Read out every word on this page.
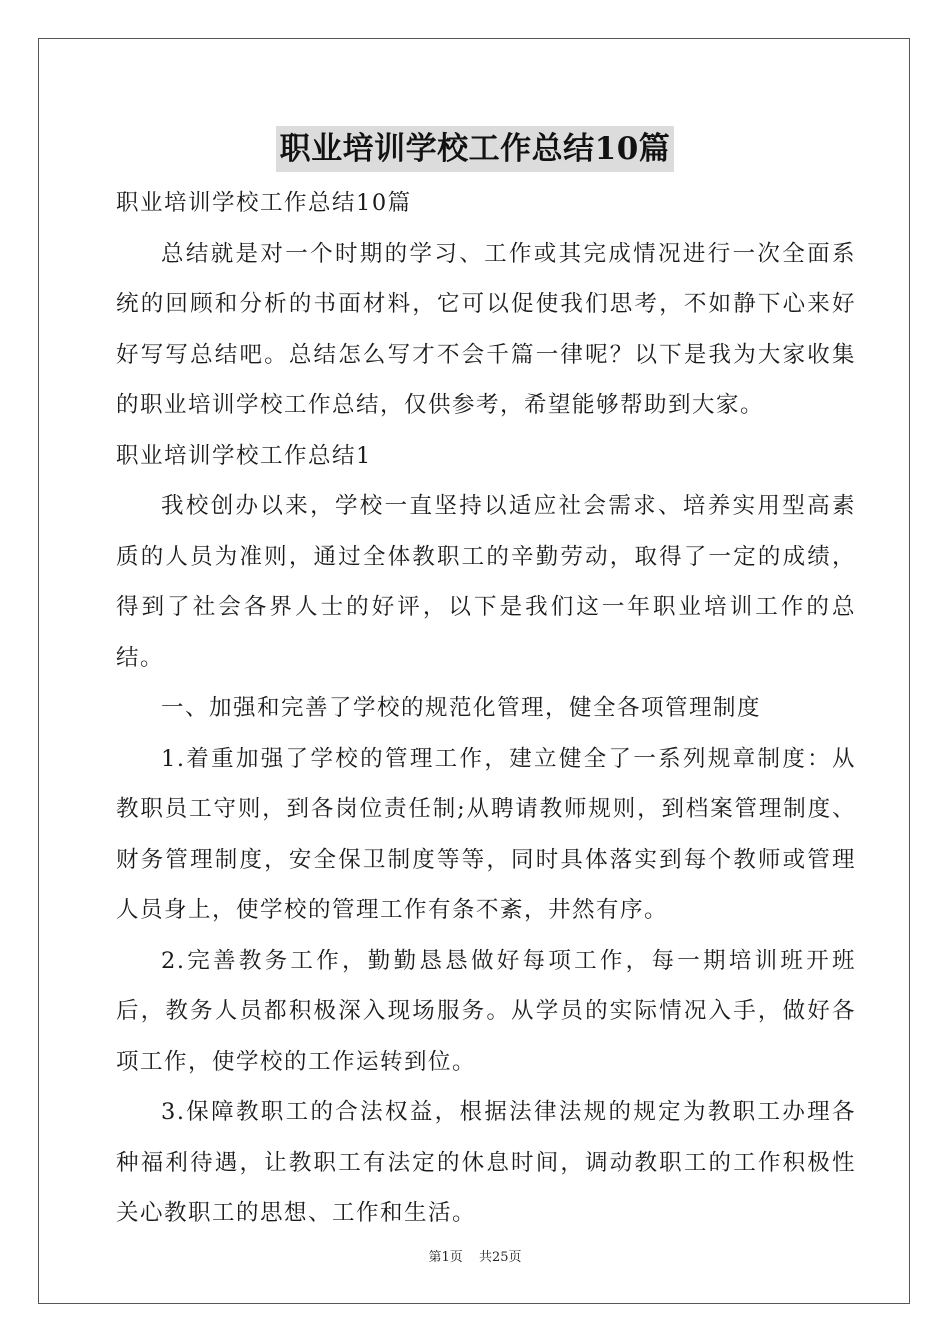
职业培训学校工作总结10篇

职业培训学校工作总结10篇

总结就是对一个时期的学习、工作或其完成情况进行一次全面系统的回顾和分析的书面材料，它可以促使我们思考，不如静下心来好好写写总结吧。总结怎么写才不会千篇一律呢？以下是我为大家收集的职业培训学校工作总结，仅供参考，希望能够帮助到大家。

职业培训学校工作总结1

我校创办以来，学校一直坚持以适应社会需求、培养实用型高素质的人员为准则，通过全体教职工的辛勤劳动，取得了一定的成绩，得到了社会各界人士的好评，以下是我们这一年职业培训工作的总结。

一、加强和完善了学校的规范化管理，健全各项管理制度

1.着重加强了学校的管理工作，建立健全了一系列规章制度：从教职员工守则，到各岗位责任制;从聘请教师规则，到档案管理制度、财务管理制度，安全保卫制度等等，同时具体落实到每个教师或管理人员身上，使学校的管理工作有条不紊，井然有序。

2.完善教务工作，勤勤恳恳做好每项工作，每一期培训班开班后，教务人员都积极深入现场服务。从学员的实际情况入手，做好各项工作，使学校的工作运转到位。

3.保障教职工的合法权益，根据法律法规的规定为教职工办理各种福利待遇，让教职工有法定的休息时间，调动教职工的工作积极性关心教职工的思想、工作和生活。

第1页 共25页
